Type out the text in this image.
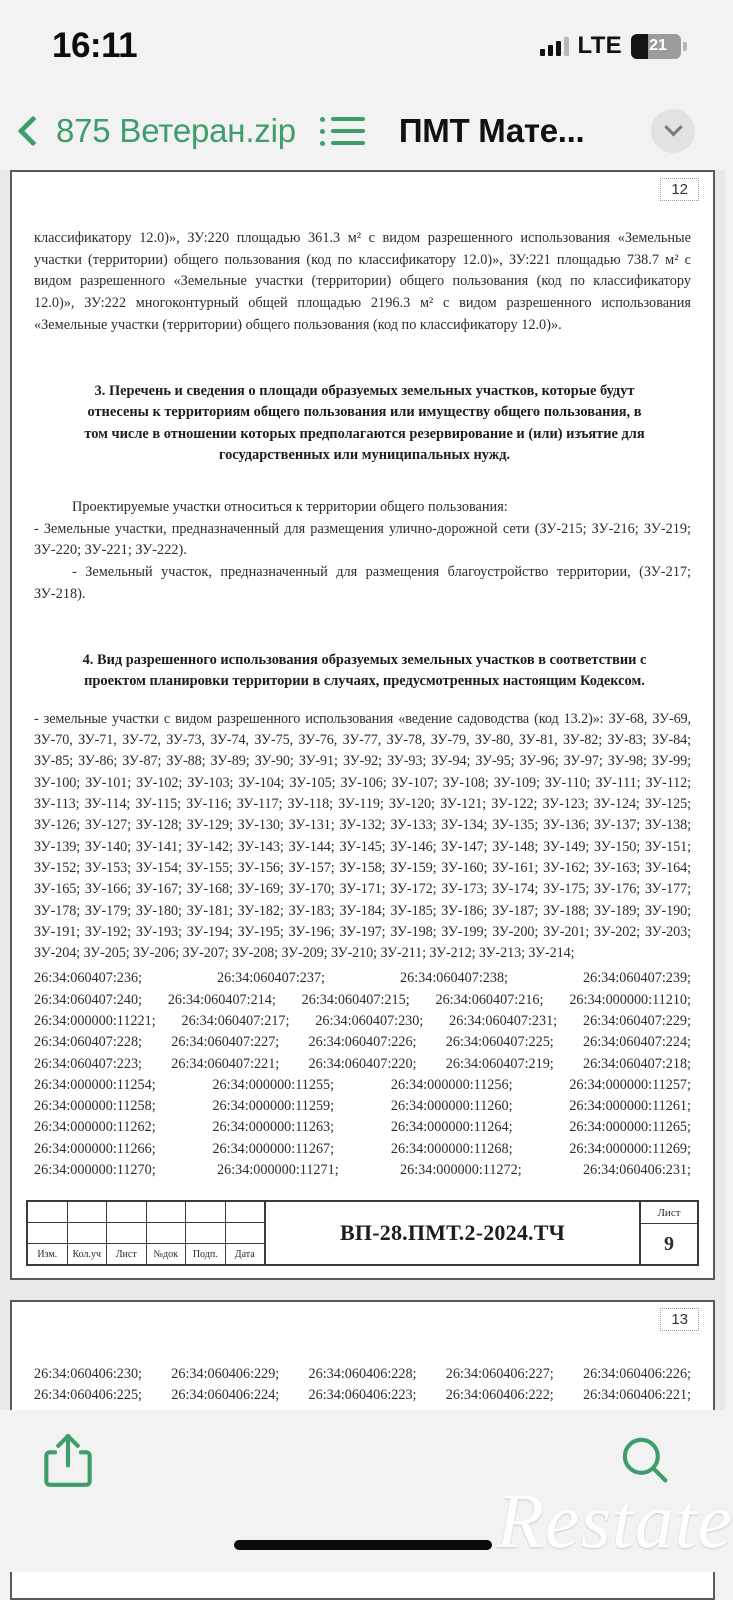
16:11	LTE	21
875 Ветеран.zip	ПМТ Мате...
12

классификатору 12.0)», ЗУ:220 площадью 361.3 м² с видом разрешенного использования «Земельные участки (территории) общего пользования (код по классификатору 12.0)», ЗУ:221 площадью 738.7 м² с видом разрешенного «Земельные участки (территории) общего пользования (код по классификатору 12.0)», ЗУ:222 многоконтурный общей площадью 2196.3 м² с видом разрешенного использования «Земельные участки (территории) общего пользования (код по классификатору 12.0)».

3. Перечень и сведения о площади образуемых земельных участков, которые будут отнесены к территориям общего пользования или имуществу общего пользования, в том числе в отношении которых предполагаются резервирование и (или) изъятие для государственных или муниципальных нужд.

Проектируемые участки относиться к территории общего пользования:

- Земельные участки, предназначенный для размещения улично-дорожной сети (ЗУ-215; ЗУ-216; ЗУ-219; ЗУ-220; ЗУ-221; ЗУ-222).

- Земельный участок, предназначенный для размещения благоустройство территории, (ЗУ-217; ЗУ-218).

4. Вид разрешенного использования образуемых земельных участков в соответствии с проектом планировки территории в случаях, предусмотренных настоящим Кодексом.

- земельные участки с видом разрешенного использования «ведение садоводства (код 13.2)»: ЗУ-68, ЗУ-69, ЗУ-70, ЗУ-71, ЗУ-72, ЗУ-73, ЗУ-74, ЗУ-75, ЗУ-76, ЗУ-77, ЗУ-78, ЗУ-79, ЗУ-80, ЗУ-81, ЗУ-82; ЗУ-83; ЗУ-84; ЗУ-85; ЗУ-86; ЗУ-87; ЗУ-88; ЗУ-89; ЗУ-90; ЗУ-91; ЗУ-92; ЗУ-93; ЗУ-94; ЗУ-95; ЗУ-96; ЗУ-97; ЗУ-98; ЗУ-99; ЗУ-100; ЗУ-101; ЗУ-102; ЗУ-103; ЗУ-104; ЗУ-105; ЗУ-106; ЗУ-107; ЗУ-108; ЗУ-109; ЗУ-110; ЗУ-111; ЗУ-112; ЗУ-113; ЗУ-114; ЗУ-115; ЗУ-116; ЗУ-117; ЗУ-118; ЗУ-119; ЗУ-120; ЗУ-121; ЗУ-122; ЗУ-123; ЗУ-124; ЗУ-125; ЗУ-126; ЗУ-127; ЗУ-128; ЗУ-129; ЗУ-130; ЗУ-131; ЗУ-132; ЗУ-133; ЗУ-134; ЗУ-135; ЗУ-136; ЗУ-137; ЗУ-138; ЗУ-139; ЗУ-140; ЗУ-141; ЗУ-142; ЗУ-143; ЗУ-144; ЗУ-145; ЗУ-146; ЗУ-147; ЗУ-148; ЗУ-149; ЗУ-150; ЗУ-151; ЗУ-152; ЗУ-153; ЗУ-154; ЗУ-155; ЗУ-156; ЗУ-157; ЗУ-158; ЗУ-159; ЗУ-160; ЗУ-161; ЗУ-162; ЗУ-163; ЗУ-164; ЗУ-165; ЗУ-166; ЗУ-167; ЗУ-168; ЗУ-169; ЗУ-170; ЗУ-171; ЗУ-172; ЗУ-173; ЗУ-174; ЗУ-175; ЗУ-176; ЗУ-177; ЗУ-178; ЗУ-179; ЗУ-180; ЗУ-181; ЗУ-182; ЗУ-183; ЗУ-184; ЗУ-185; ЗУ-186; ЗУ-187; ЗУ-188; ЗУ-189; ЗУ-190; ЗУ-191; ЗУ-192; ЗУ-193; ЗУ-194; ЗУ-195; ЗУ-196; ЗУ-197; ЗУ-198; ЗУ-199; ЗУ-200; ЗУ-201; ЗУ-202; ЗУ-203; ЗУ-204; ЗУ-205; ЗУ-206; ЗУ-207; ЗУ-208; ЗУ-209; ЗУ-210; ЗУ-211; ЗУ-212; ЗУ-213; ЗУ-214;

26:34:060407:236;	26:34:060407:237;	26:34:060407:238;	26:34:060407:239;
26:34:060407:240; 26:34:060407:214; 26:34:060407:215; 26:34:060407:216; 26:34:000000:11210;
26:34:000000:11221; 26:34:060407:217; 26:34:060407:230; 26:34:060407:231; 26:34:060407:229;
26:34:060407:228; 26:34:060407:227; 26:34:060407:226; 26:34:060407:225; 26:34:060407:224;
26:34:060407:223; 26:34:060407:221; 26:34:060407:220; 26:34:060407:219; 26:34:060407:218;
26:34:000000:11254;	26:34:000000:11255;	26:34:000000:11256;	26:34:000000:11257;
26:34:000000:11258;	26:34:000000:11259;	26:34:000000:11260;	26:34:000000:11261;
26:34:000000:11262;	26:34:000000:11263;	26:34:000000:11264;	26:34:000000:11265;
26:34:000000:11266;	26:34:000000:11267;	26:34:000000:11268;	26:34:000000:11269;
26:34:000000:11270;	26:34:000000:11271;	26:34:000000:11272;	26:34:060406:231;
Изм.	Кол.уч	Лист	№док	Подп.	Дата
ВП-28.ПМТ.2-2024.ТЧ
Лист
9
13
26:34:060406:230; 26:34:060406:229; 26:34:060406:228; 26:34:060406:227; 26:34:060406:226;
26:34:060406:225; 26:34:060406:224; 26:34:060406:223; 26:34:060406:222; 26:34:060406:221;
Restate
